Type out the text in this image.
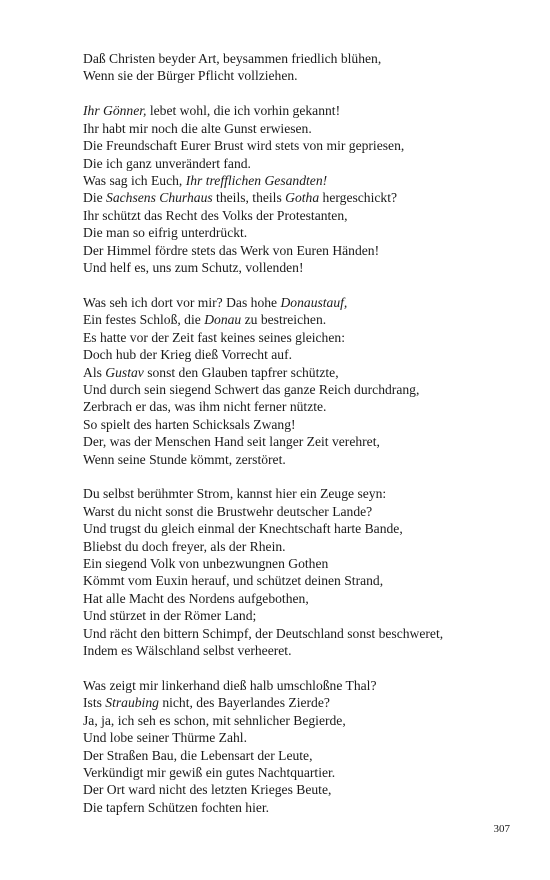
Daß Christen beyder Art, beysammen friedlich blühen,
Wenn sie der Bürger Pflicht vollziehen.
Ihr Gönner, lebet wohl, die ich vorhin gekannt!
Ihr habt mir noch die alte Gunst erwiesen.
Die Freundschaft Eurer Brust wird stets von mir gepriesen,
Die ich ganz unverändert fand.
Was sag ich Euch, Ihr trefflichen Gesandten!
Die Sachsens Churhaus theils, theils Gotha hergeschickt?
Ihr schützt das Recht des Volks der Protestanten,
Die man so eifrig unterdrückt.
Der Himmel fördre stets das Werk von Euren Händen!
Und helf es, uns zum Schutz, vollenden!
Was seh ich dort vor mir? Das hohe Donaustauf,
Ein festes Schloß, die Donau zu bestreichen.
Es hatte vor der Zeit fast keines seines gleichen:
Doch hub der Krieg dieß Vorrecht auf.
Als Gustav sonst den Glauben tapfrer schützte,
Und durch sein siegend Schwert das ganze Reich durchdrang,
Zerbrach er das, was ihm nicht ferner nützte.
So spielt des harten Schicksals Zwang!
Der, was der Menschen Hand seit langer Zeit verehret,
Wenn seine Stunde kömmt, zerstöret.
Du selbst berühmter Strom, kannst hier ein Zeuge seyn:
Warst du nicht sonst die Brustwehr deutscher Lande?
Und trugst du gleich einmal der Knechtschaft harte Bande,
Bliebst du doch freyer, als der Rhein.
Ein siegend Volk von unbezwungnen Gothen
Kömmt vom Euxin herauf, und schützet deinen Strand,
Hat alle Macht des Nordens aufgebothen,
Und stürzet in der Römer Land;
Und rächt den bittern Schimpf, der Deutschland sonst beschweret,
Indem es Wälschland selbst verheeret.
Was zeigt mir linkerhand dieß halb umschloßne Thal?
Ists Straubing nicht, des Bayerlandes Zierde?
Ja, ja, ich seh es schon, mit sehnlicher Begierde,
Und lobe seiner Thürme Zahl.
Der Straßen Bau, die Lebensart der Leute,
Verkündigt mir gewiß ein gutes Nachtquartier.
Der Ort ward nicht des letzten Krieges Beute,
Die tapfern Schützen fochten hier.
307
